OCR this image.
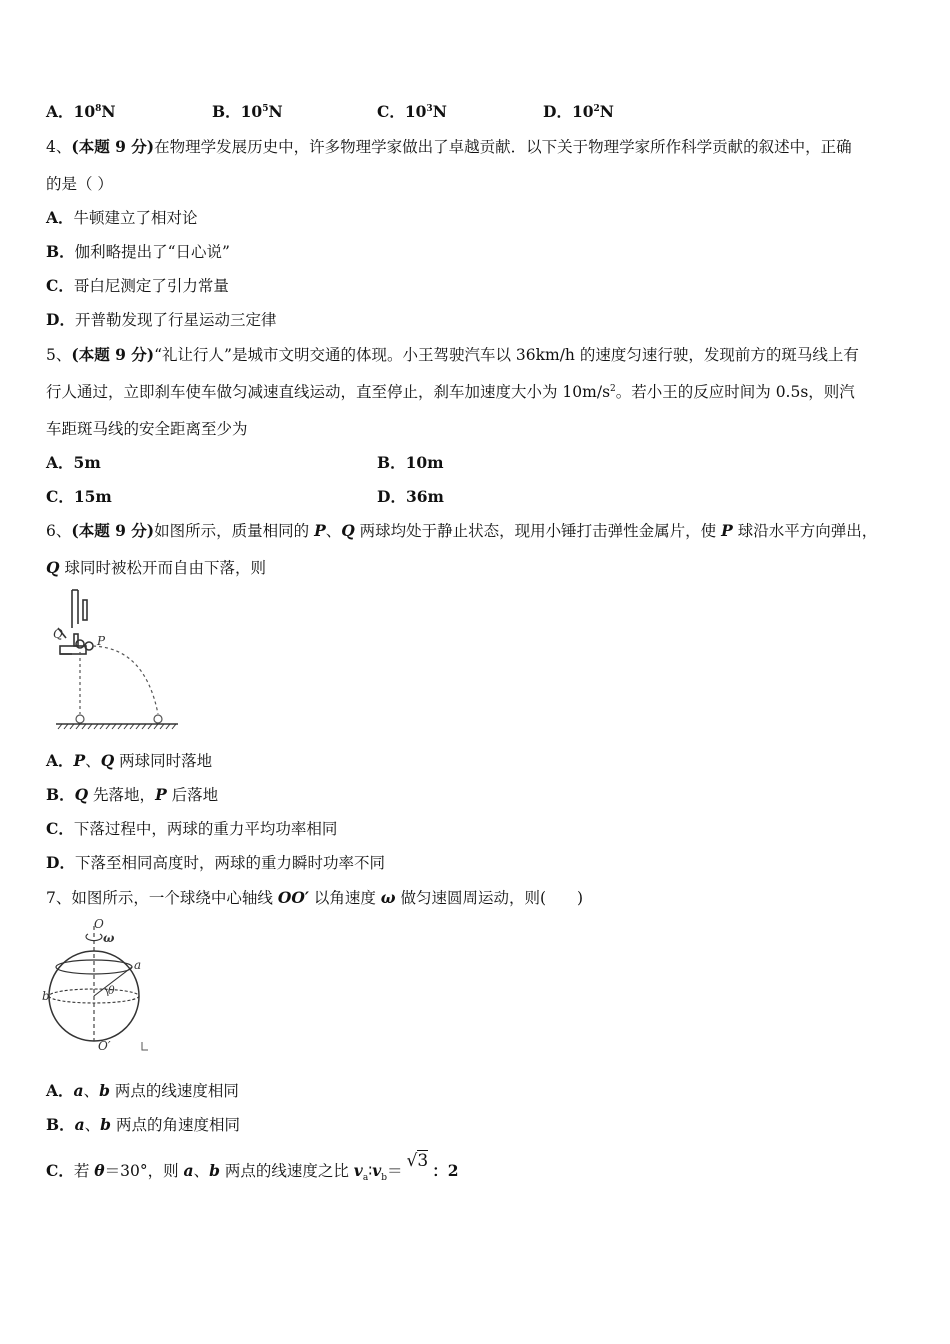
A．$10^8N$	B．$10^5N$	C．$10^3N$	D．$10^2N$
4、(本题 9 分)在物理学发展历史中，许多物理学家做出了卓越贡献．以下关于物理学家所作科学贡献的叙述中，正确
的是（ ）
A．牛顿建立了相对论
B．伽利略提出了“日心说”
C．哥白尼测定了引力常量
D．开普勒发现了行星运动三定律
5、(本题 9 分)“礼让行人”是城市文明交通的体现。小王驾驶汽车以 36km/h 的速度匀速行驶，发现前方的斑马线上有
行人通过，立即刹车使车做匀减速直线运动，直至停止，刹车加速度大小为 $10m/s^2$。若小王的反应时间为 0.5s，则汽
车距斑马线的安全距离至少为
A．5m	B．10m
C．15m	D．36m
6、(本题 9 分)如图所示，质量相同的 P、Q 两球均处于静止状态，现用小锤打击弹性金属片，使 P 球沿水平方向弹出，
Q 球同时被松开而自由下落，则
Q	P
A．P、Q 两球同时落地
B．Q 先落地，P 后落地
C．下落过程中，两球的重力平均功率相同
D．下落至相同高度时，两球的重力瞬时功率不同
7、如图所示，一个球绕中心轴线 OO′ 以角速度 ω 做匀速圆周运动，则(　　)
O
ω
a
b	θ
O′
A．a、b 两点的线速度相同
B．a、b 两点的角速度相同
C．若 θ＝30°，则 a、b 两点的线速度之比 $v_a∶v_b= √3$ ：2
